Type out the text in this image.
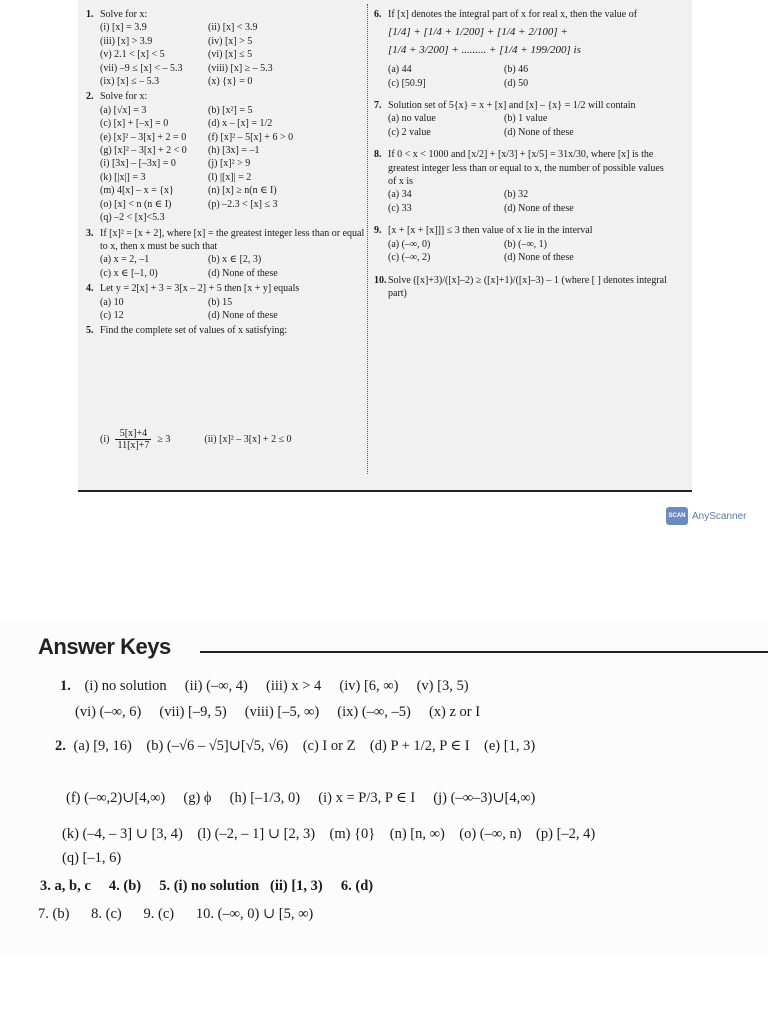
1. Solve for x:
(i) [x] = 3.9	(ii) [x] < 3.9
(iii) [x] > 3.9	(iv) [x] > 5
(v) 2.1 < [x] < 5	(vi) [x] ≤ 5
(vii) –9 ≤ [x] < – 5.3	(viii) [x] ≥ – 5.3
(ix) [x] ≤ – 5.3	(x) {x} = 0
2. Solve for x:
(a) [√x] = 3	(b) [x²] = 5
(c) [x] + [–x] = 0	(d) x – [x] = 1/2
(e) [x]² – 3[x] + 2 = 0	(f) [x]² – 5[x] + 6 > 0
(g) [x]² – 3[x] + 2 < 0	(h) [3x] = –1
(i) [3x] – [–3x] = 0	(j) [x]² > 9
(k) [|x|] = 3	(l) |[x]| = 2
(m) 4[x] – x = {x}	(n) [x] ≥ n(n ∈ I)
(o) [x] < n (n ∈ I)	(p) –2.3 < [x] ≤ 3
(q) –2 < [x]<5.3
3. If [x]² = [x + 2], where [x] = the greatest integer less than or equal to x, then x must be such that
(a) x = 2, –1	(b) x ∈ [2, 3)
(c) x ∈ [–1, 0)	(d) None of these
4. Let y = 2[x] + 3 = 3[x – 2] + 5 then [x + y] equals
(a) 10	(b) 15
(c) 12	(d) None of these
5. Find the complete set of values of x satisfying:
6. If [x] denotes the integral part of x for real x, then the value of
[1/4] + [1/4 + 1/200] + [1/4 + 2/100] +
[1/4 + 3/200] + ......... + [1/4 + 199/200] is
(a) 44	(b) 46
(c) [50.9]	(d) 50
7. Solution set of 5{x} = x + [x] and [x] – {x} = 1/2 will contain
(a) no value	(b) 1 value
(c) 2 value	(d) None of these
8. If 0 < x < 1000 and [x/2] + [x/3] + [x/5] = 31x/30, where [x] is the greatest integer less than or equal to x, the number of possible values of x is
(a) 34	(b) 32
(c) 33	(d) None of these
9. [x + [x + [x]]] ≤ 3 then value of x lie in the interval
(a) (–∞, 0)	(b) (–∞, 1)
(c) (–∞, 2)	(d) None of these
10. Solve ([x]+3)/([x]–2) ≥ ([x]+1)/([x]–3) – 1 (where [ ] denotes integral part)
$(i) \frac{5[x]+4}{11[x]+7} \ge 3$	(ii) [x]² – 3[x] + 2 ≤ 0
SCAN AnyScanner
Answer Keys
1. (i) no solution     (ii) (–∞, 4)     (iii) x > 4     (iv) [6, ∞)     (v) [3, 5)
(vi) (–∞, 6)     (vii) [–9, 5)     (viii) [–5, ∞)     (ix) (–∞, –5)     (x) z or I
2. (a) [9, 16)    (b) (–√6 – √5]∪[√5, √6)    (c) I or Z    (d) P + 1/2, P ∈ I    (e) [1, 3)
(f) (–∞,2)∪[4,∞)     (g) ϕ     (h) [–1/3, 0)     (i) x = P/3, P ∈ I     (j) (–∞–3)∪[4,∞)
(k) (–4, – 3] ∪ [3, 4)    (l) (–2, – 1] ∪ [2, 3)    (m) {0}    (n) [n, ∞)    (o) (–∞, n)    (p) [–2, 4)
(q) [–1, 6)
3. a, b, c     4. (b)     5. (i) no solution   (ii) [1, 3)     6. (d)
7. (b)      8. (c)      9. (c)      10. (–∞, 0) ∪ [5, ∞)
